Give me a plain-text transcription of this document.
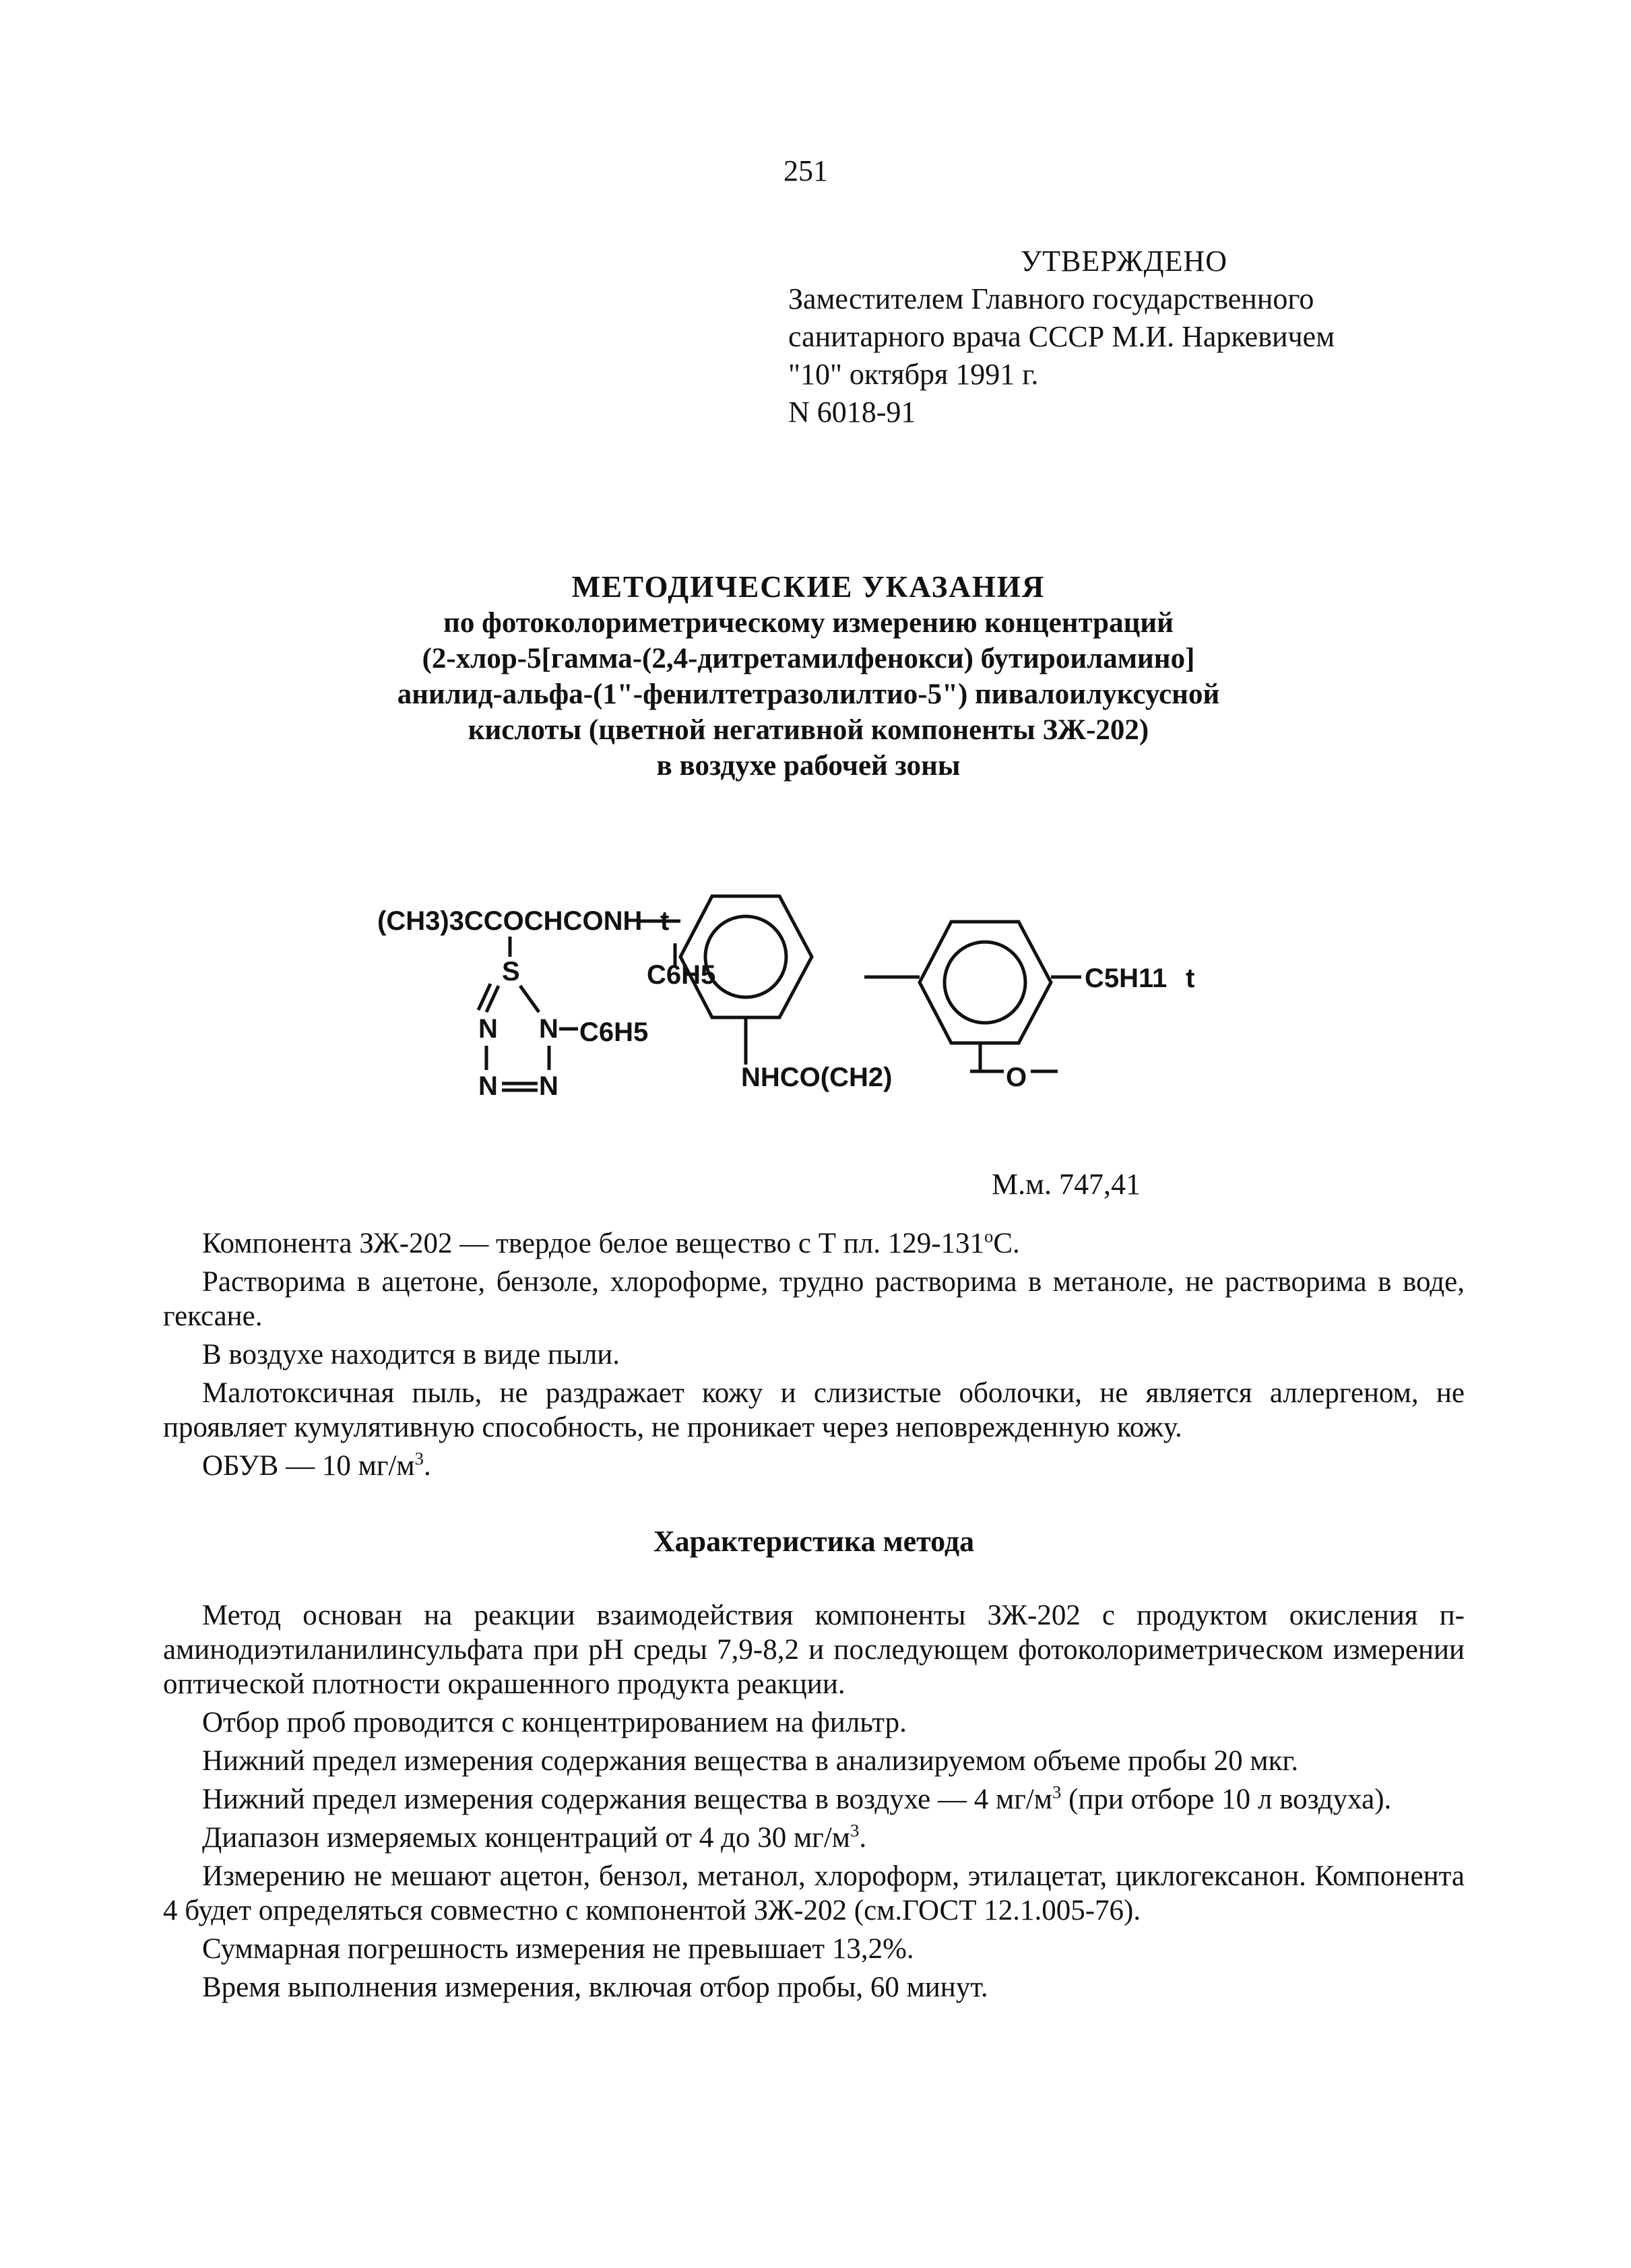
251
УТВЕРЖДЕНО
Заместителем Главного государственного
санитарного врача СССР М.И. Наркевичем
"10" октября 1991 г.
N 6018-91
МЕТОДИЧЕСКИЕ УКАЗАНИЯ
по фотоколориметрическому измерению концентраций
(2-хлор-5[гамма-(2,4-дитретамилфенокси) бутироиламино]
анилид-альфа-(1"-фенилтетразолилтио-5") пивалоилуксусной
кислоты (цветной негативной компоненты ЗЖ-202)
в воздухе рабочей зоны
(CH3)3CCOCHCONH t
C6H5	C5H11 t
S
N N
N N
C6H5
NHCO(CH2)	O
М.м. 747,41

Компонента ЗЖ-202 — твердое белое вещество с Т пл. $129-131^оС$.

Растворима в ацетоне, бензоле, хлороформе, трудно растворима в метаноле, не растворима в воде, гексане.

В воздухе находится в виде пыли.

Малотоксичная пыль, не раздражает кожу и слизистые оболочки, не является аллергеном, не проявляет кумулятивную способность, не проникает через неповрежденную кожу.

ОБУВ — 10 $мг/м^3$.

Характеристика метода

Метод основан на реакции взаимодействия компоненты ЗЖ-202 с продуктом окисления п-аминодиэтиланилинсульфата при рН среды 7,9-8,2 и последующем фотоколориметрическом измерении оптической плотности окрашенного продукта реакции.

Отбор проб проводится с концентрированием на фильтр.

Нижний предел измерения содержания вещества в анализируемом объеме пробы 20 мкг.

Нижний предел измерения содержания вещества в воздухе — 4 $мг/м^3$ (при отборе 10 л воздуха).

Диапазон измеряемых концентраций от 4 до 30 $мг/м^3$.

Измерению не мешают ацетон, бензол, метанол, хлороформ, этилацетат, циклогексанон. Компонента 4 будет определяться совместно с компонентой ЗЖ-202 (см.ГОСТ 12.1.005-76).

Суммарная погрешность измерения не превышает 13,2%.

Время выполнения измерения, включая отбор пробы, 60 минут.
